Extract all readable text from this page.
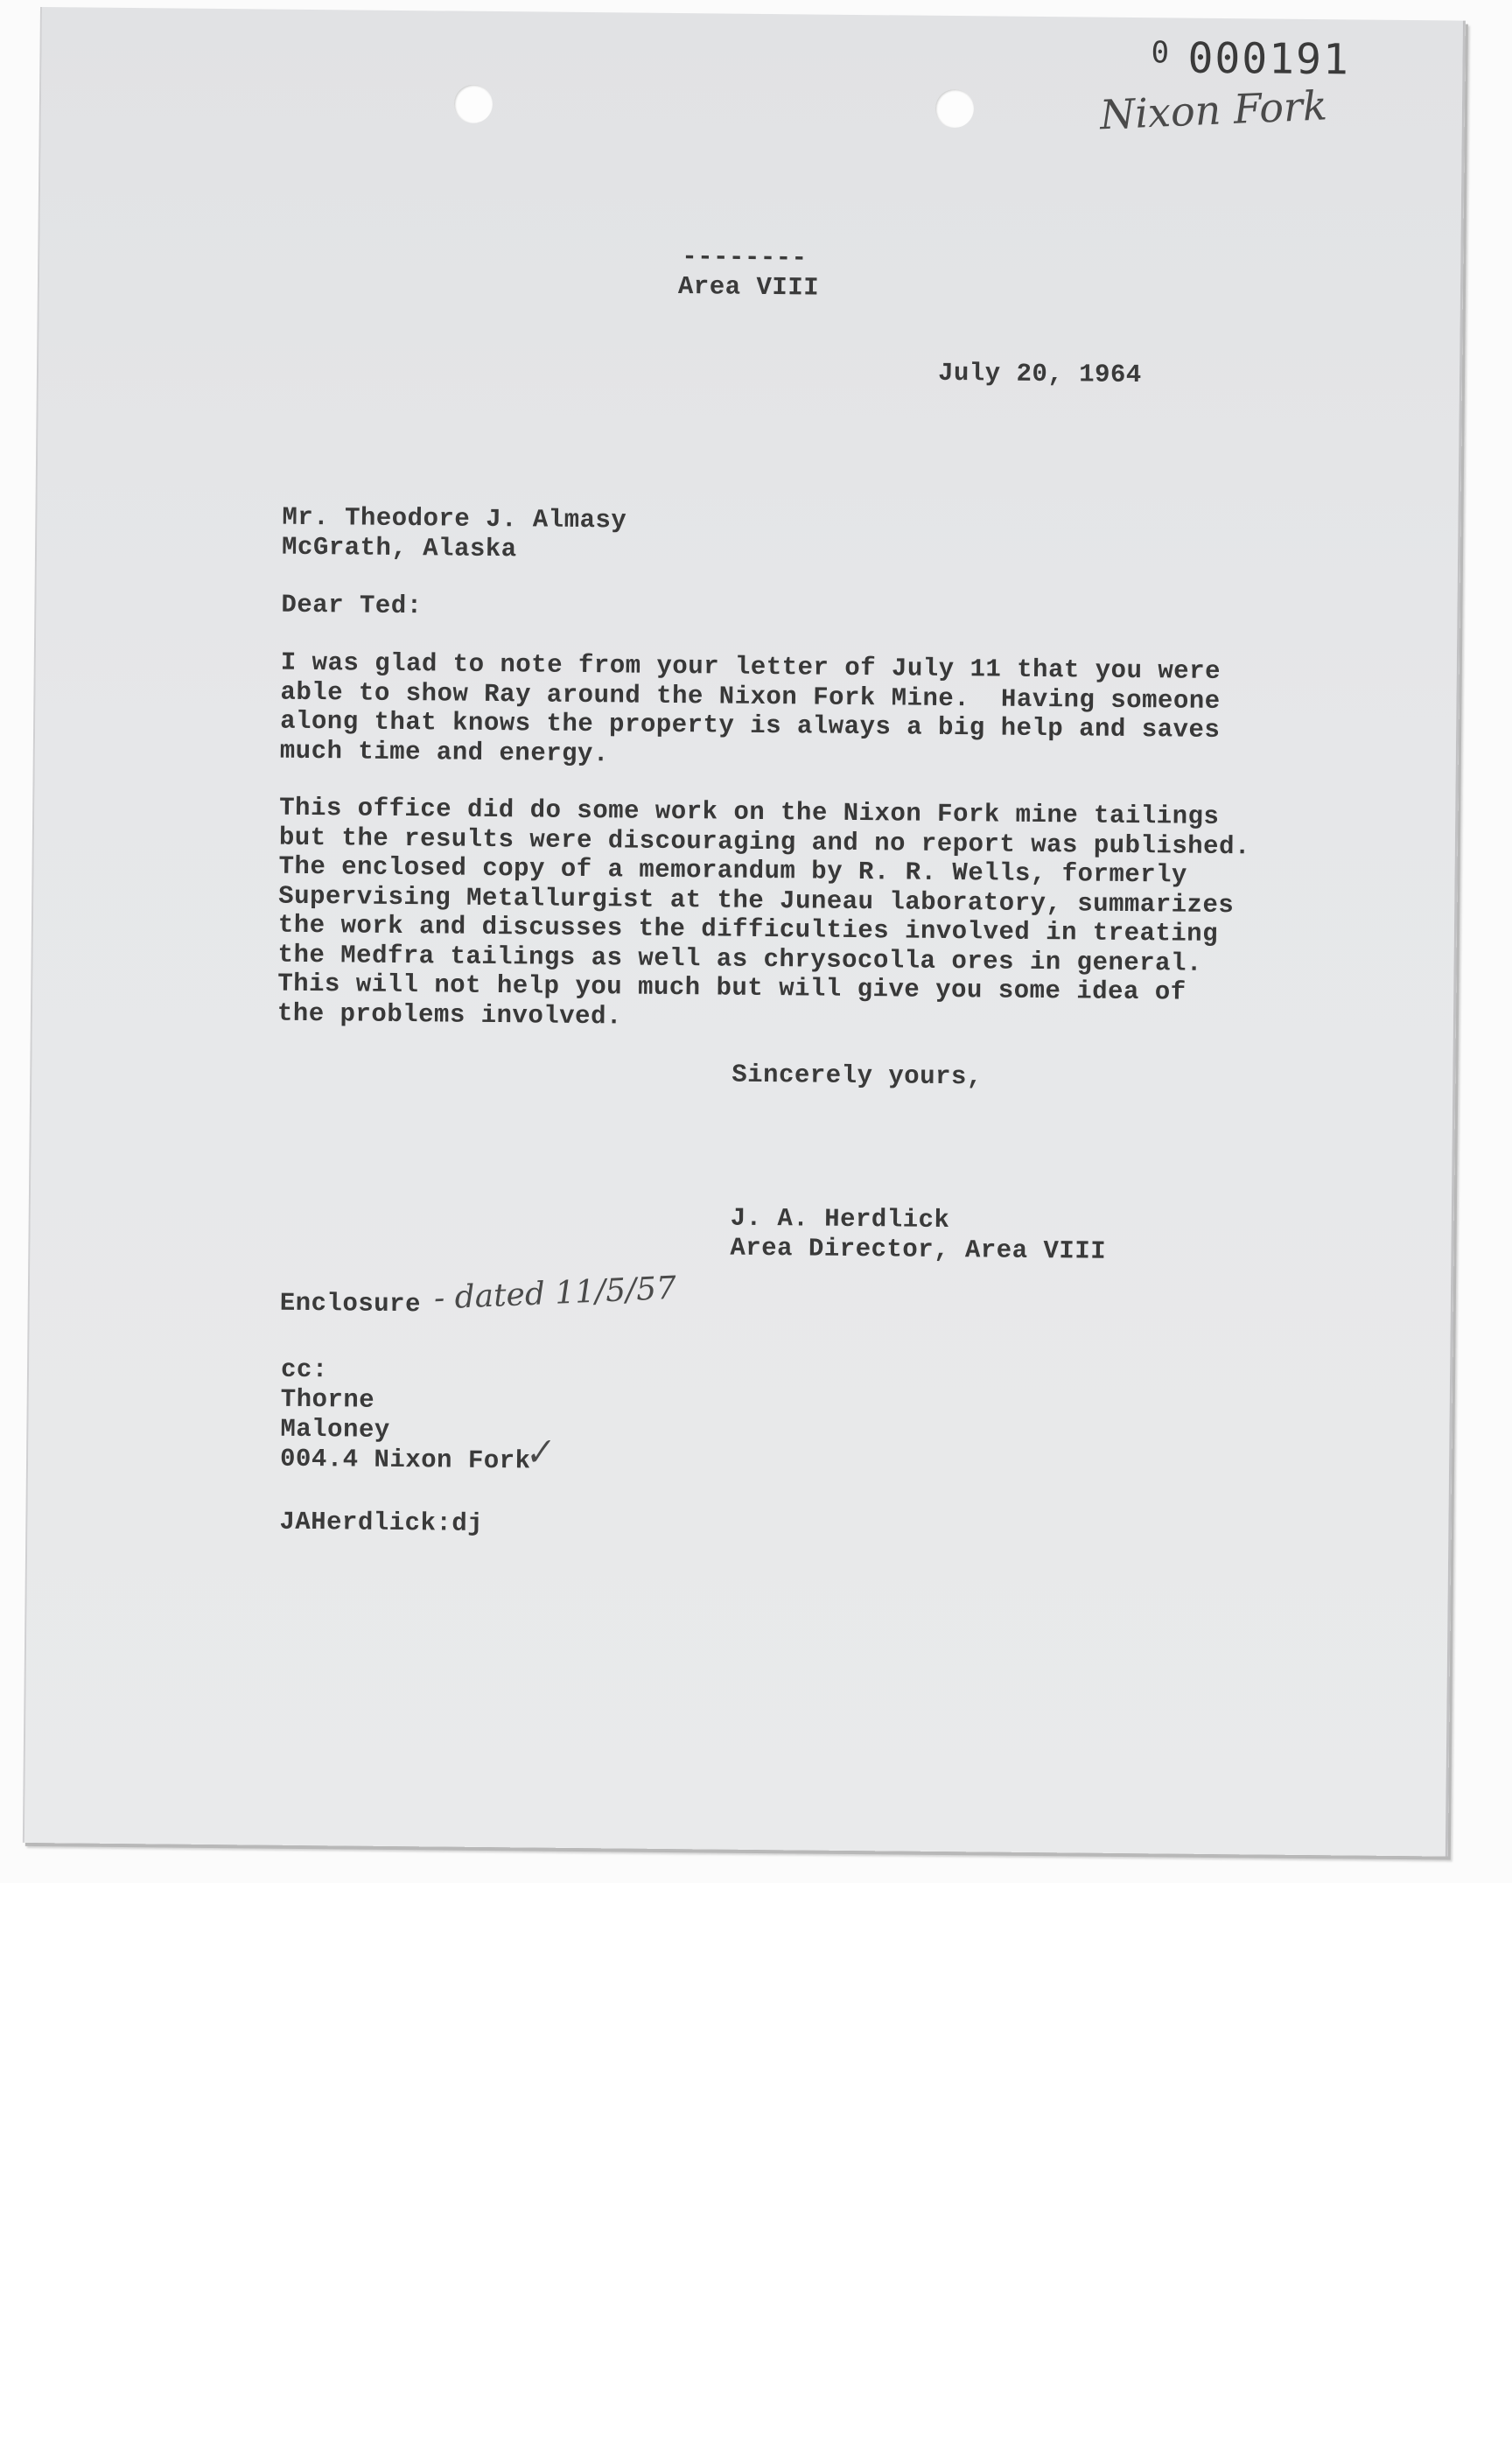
0 000191
Nixon Fork
--------
Area VIII
July 20, 1964
Mr. Theodore J. Almasy
McGrath, Alaska
Dear Ted:
I was glad to note from your letter of July 11 that you were
able to show Ray around the Nixon Fork Mine.  Having someone
along that knows the property is always a big help and saves
much time and energy.
This office did do some work on the Nixon Fork mine tailings
but the results were discouraging and no report was published.
The enclosed copy of a memorandum by R. R. Wells, formerly
Supervising Metallurgist at the Juneau laboratory, summarizes
the work and discusses the difficulties involved in treating
the Medfra tailings as well as chrysocolla ores in general.
This will not help you much but will give you some idea of
the problems involved.
Sincerely yours,
J. A. Herdlick
Area Director, Area VIII
Enclosure - dated 11/5/57
cc:
Thorne
Maloney
004.4 Nixon Fork
✓
JAHerdlick:dj
